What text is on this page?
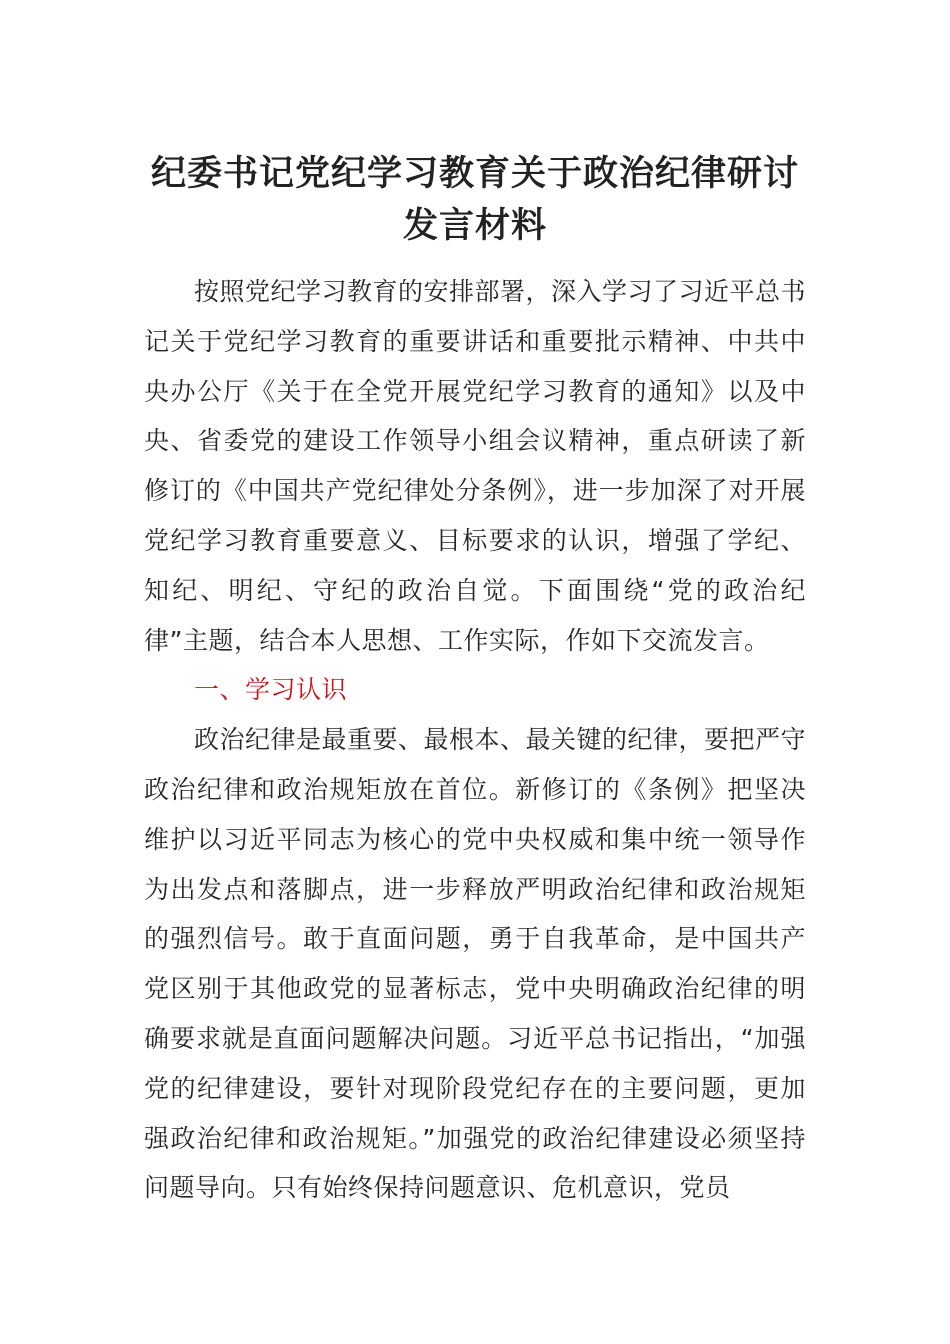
纪委书记党纪学习教育关于政治纪律研讨发言材料

按照党纪学习教育的安排部署，深入学习了习近平总书记关于党纪学习教育的重要讲话和重要批示精神、中共中央办公厅《关于在全党开展党纪学习教育的通知》以及中央、省委党的建设工作领导小组会议精神，重点研读了新修订的《中国共产党纪律处分条例》，进一步加深了对开展党纪学习教育重要意义、目标要求的认识，增强了学纪、知纪、明纪、守纪的政治自觉。下面围绕“党的政治纪律”主题，结合本人思想、工作实际，作如下交流发言。

一、学习认识

政治纪律是最重要、最根本、最关键的纪律，要把严守政治纪律和政治规矩放在首位。新修订的《条例》把坚决维护以习近平同志为核心的党中央权威和集中统一领导作为出发点和落脚点，进一步释放严明政治纪律和政治规矩的强烈信号。敢于直面问题，勇于自我革命，是中国共产党区别于其他政党的显著标志，党中央明确政治纪律的明确要求就是直面问题解决问题。习近平总书记指出，“加强党的纪律建设，要针对现阶段党纪存在的主要问题，更加强政治纪律和政治规矩。”加强党的政治纪律建设必须坚持问题导向。只有始终保持问题意识、危机意识，党员
